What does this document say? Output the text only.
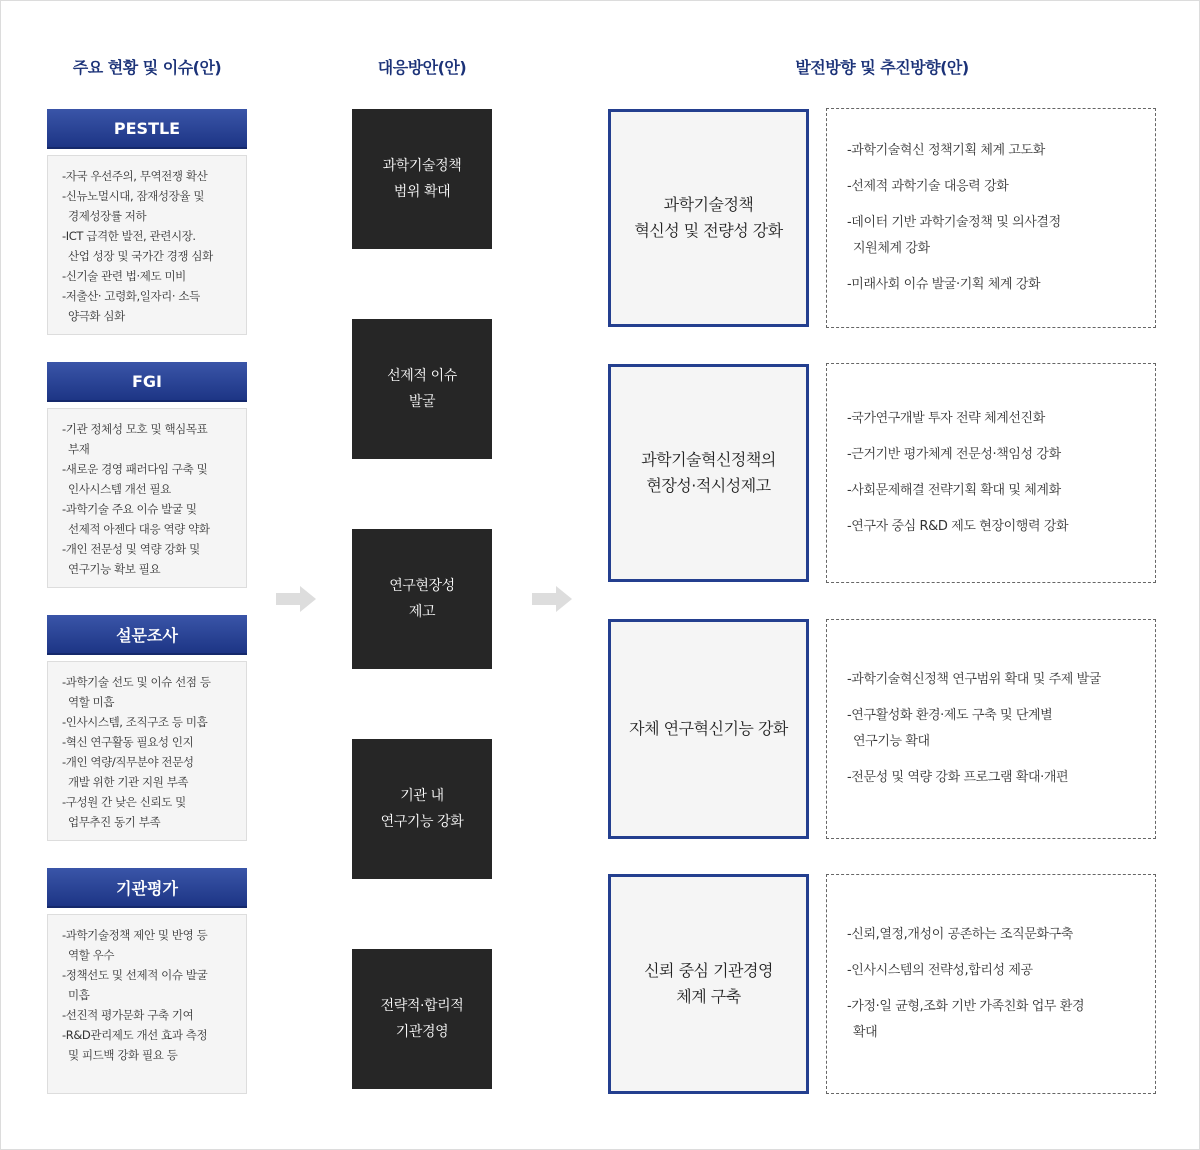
주요 현황 및 이슈(안)	대응방안(안)	발전방향 및 추진방향(안)
PESTLE
-자국 우선주의, 무역전쟁 확산
-신뉴노멀시대, 잠재성장율 및
경제성장률 저하
-ICT 급격한 발전, 관련시장.
산업 성장 및 국가간 경쟁 심화
-신기술 관련 법·제도 미비
-저출산· 고령화,일자리· 소득
양극화 심화
FGI
-기관 정체성 모호 및 핵심목표
부재
-새로운 경영 패러다임 구축 및
인사시스템 개선 필요
-과학기술 주요 이슈 발굴 및
선제적 아젠다 대응 역량 약화
-개인 전문성 및 역량 강화 및
연구기능 확보 필요
설문조사
-과학기술 선도 및 이슈 선점 등
역할 미흡
-인사시스템, 조직구조 등 미흡
-혁신 연구활동 필요성 인지
-개인 역량/직무분야 전문성
개발 위한 기관 지원 부족
-구성원 간 낮은 신뢰도 및
업무추진 동기 부족
기관평가
-과학기술정책 제안 및 반영 등
역할 우수
-정책선도 및 선제적 이슈 발굴
미흡
-선진적 평가문화 구축 기여
-R&D관리제도 개선 효과 측정
및 피드백 강화 필요 등
과학기술정책
범위 확대
선제적 이슈
발굴
연구현장성
제고
기관 내
연구기능 강화
전략적·합리적
기관경영
과학기술정책
혁신성 및 전량성 강화
-과학기술혁신 정책기획 체계 고도화
-선제적 과학기술 대응력 강화
-데이터 기반 과학기술정책 및 의사결정
지원체계 강화
-미래사회 이슈 발굴·기획 체계 강화
과학기술혁신정책의
현장성·적시성제고
-국가연구개발 투자 전략 체계선진화
-근거기반 평가체계 전문성·책임성 강화
-사회문제해결 전략기획 확대 및 체계화
-연구자 중심 R&D 제도 현장이행력 강화
자체 연구혁신기능 강화
-과학기술혁신정책 연구범위 확대 및 주제 발굴
-연구활성화 환경·제도 구축 및 단계별
연구기능 확대
-전문성 및 역량 강화 프로그램 확대·개편
신뢰 중심 기관경영
체계 구축
-신뢰,열정,개성이 공존하는 조직문화구축
-인사시스템의 전략성,합리성 제공
-가정·일 균형,조화 기반 가족친화 업무 환경
확대
